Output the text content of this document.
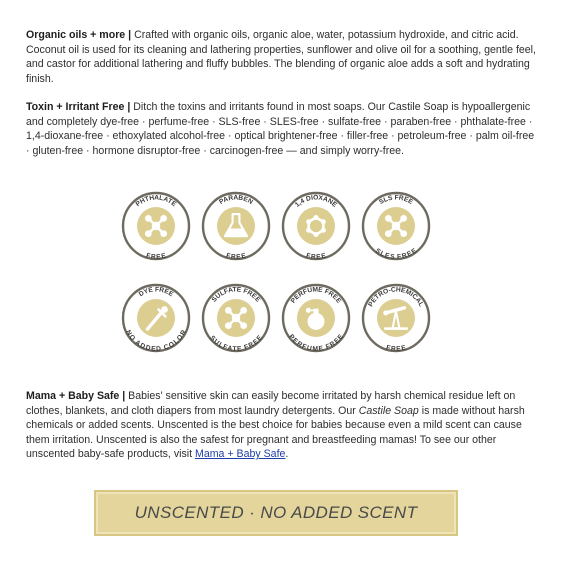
Organic oils + more | Crafted with organic oils, organic aloe, water, potassium hydroxide, and citric acid. Coconut oil is used for its cleaning and lathering properties, sunflower and olive oil for a soothing, gentle feel, and castor for additional lathering and fluffy bubbles. The blending of organic aloe adds a soft and hydrating finish.

Toxin + Irritant Free | Ditch the toxins and irritants found in most soaps. Our Castile Soap is hypoallergenic and completely dye-free · perfume-free · SLS-free · SLES-free · sulfate-free · paraben-free · phthalate-free · 1,4-dioxane-free · ethoxylated alcohol-free · optical brightener-free · filler-free · petroleum-free · palm oil-free · gluten-free · hormone disruptor-free · carcinogen-free — and simply worry-free.

PHTHALATE
FREE
PARABEN
FREE
1,4 DIOXANE
FREE
SLS FREE
SLES FREE
DYE FREE
NO ADDED COLOR
SULFATE FREE
SULFATE FREE
PERFUME FREE
PERFUME FREE
PETRO-CHEMICAL
FREE

Mama + Baby Safe | Babies' sensitive skin can easily become irritated by harsh chemical residue left on clothes, blankets, and cloth diapers from most laundry detergents. Our Castile Soap is made without harsh chemicals or added scents. Unscented is the best choice for babies because even a mild scent can cause them irritation. Unscented is also the safest for pregnant and breastfeeding mamas! To see our other unscented baby-safe products, visit Mama + Baby Safe.

UNSCENTED · NO ADDED SCENT
